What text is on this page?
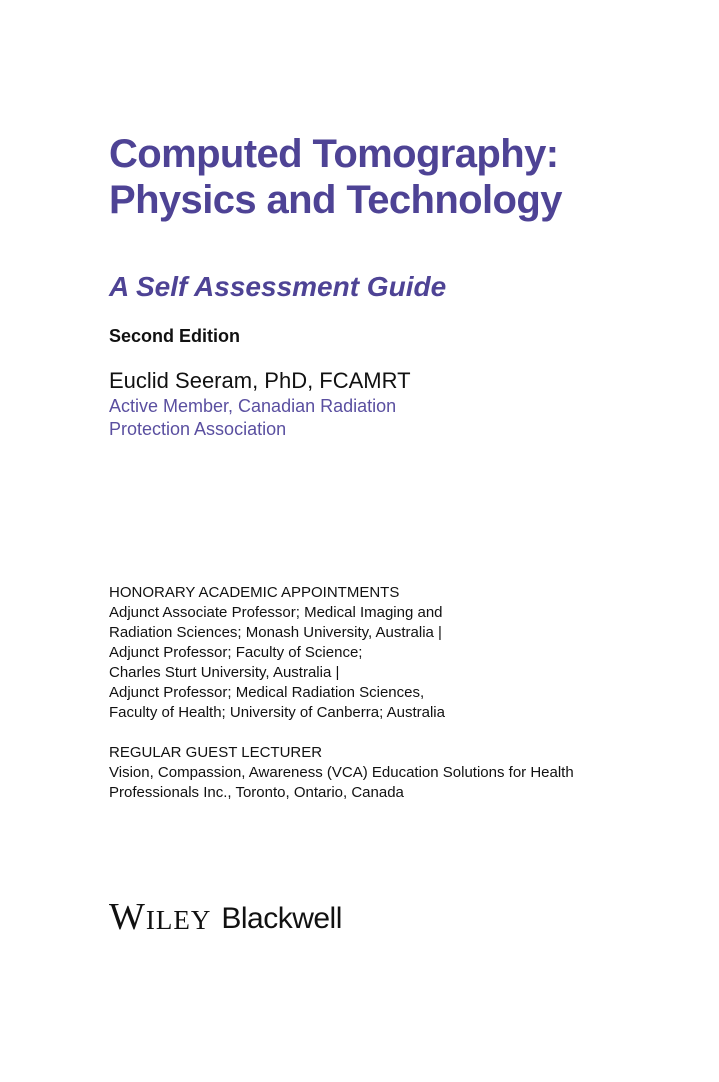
Computed Tomography:
Physics and Technology
A Self Assessment Guide

Second Edition

Euclid Seeram, PhD, FCAMRT

Active Member, Canadian Radiation
Protection Association

HONORARY ACADEMIC APPOINTMENTS
Adjunct Associate Professor; Medical Imaging and
Radiation Sciences; Monash University, Australia |
Adjunct Professor; Faculty of Science;
Charles Sturt University, Australia |
Adjunct Professor; Medical Radiation Sciences,
Faculty of Health; University of Canberra; Australia
REGULAR GUEST LECTURER
Vision, Compassion, Awareness (VCA) Education Solutions for Health
Professionals Inc., Toronto, Ontario, Canada
Wiley Blackwell
